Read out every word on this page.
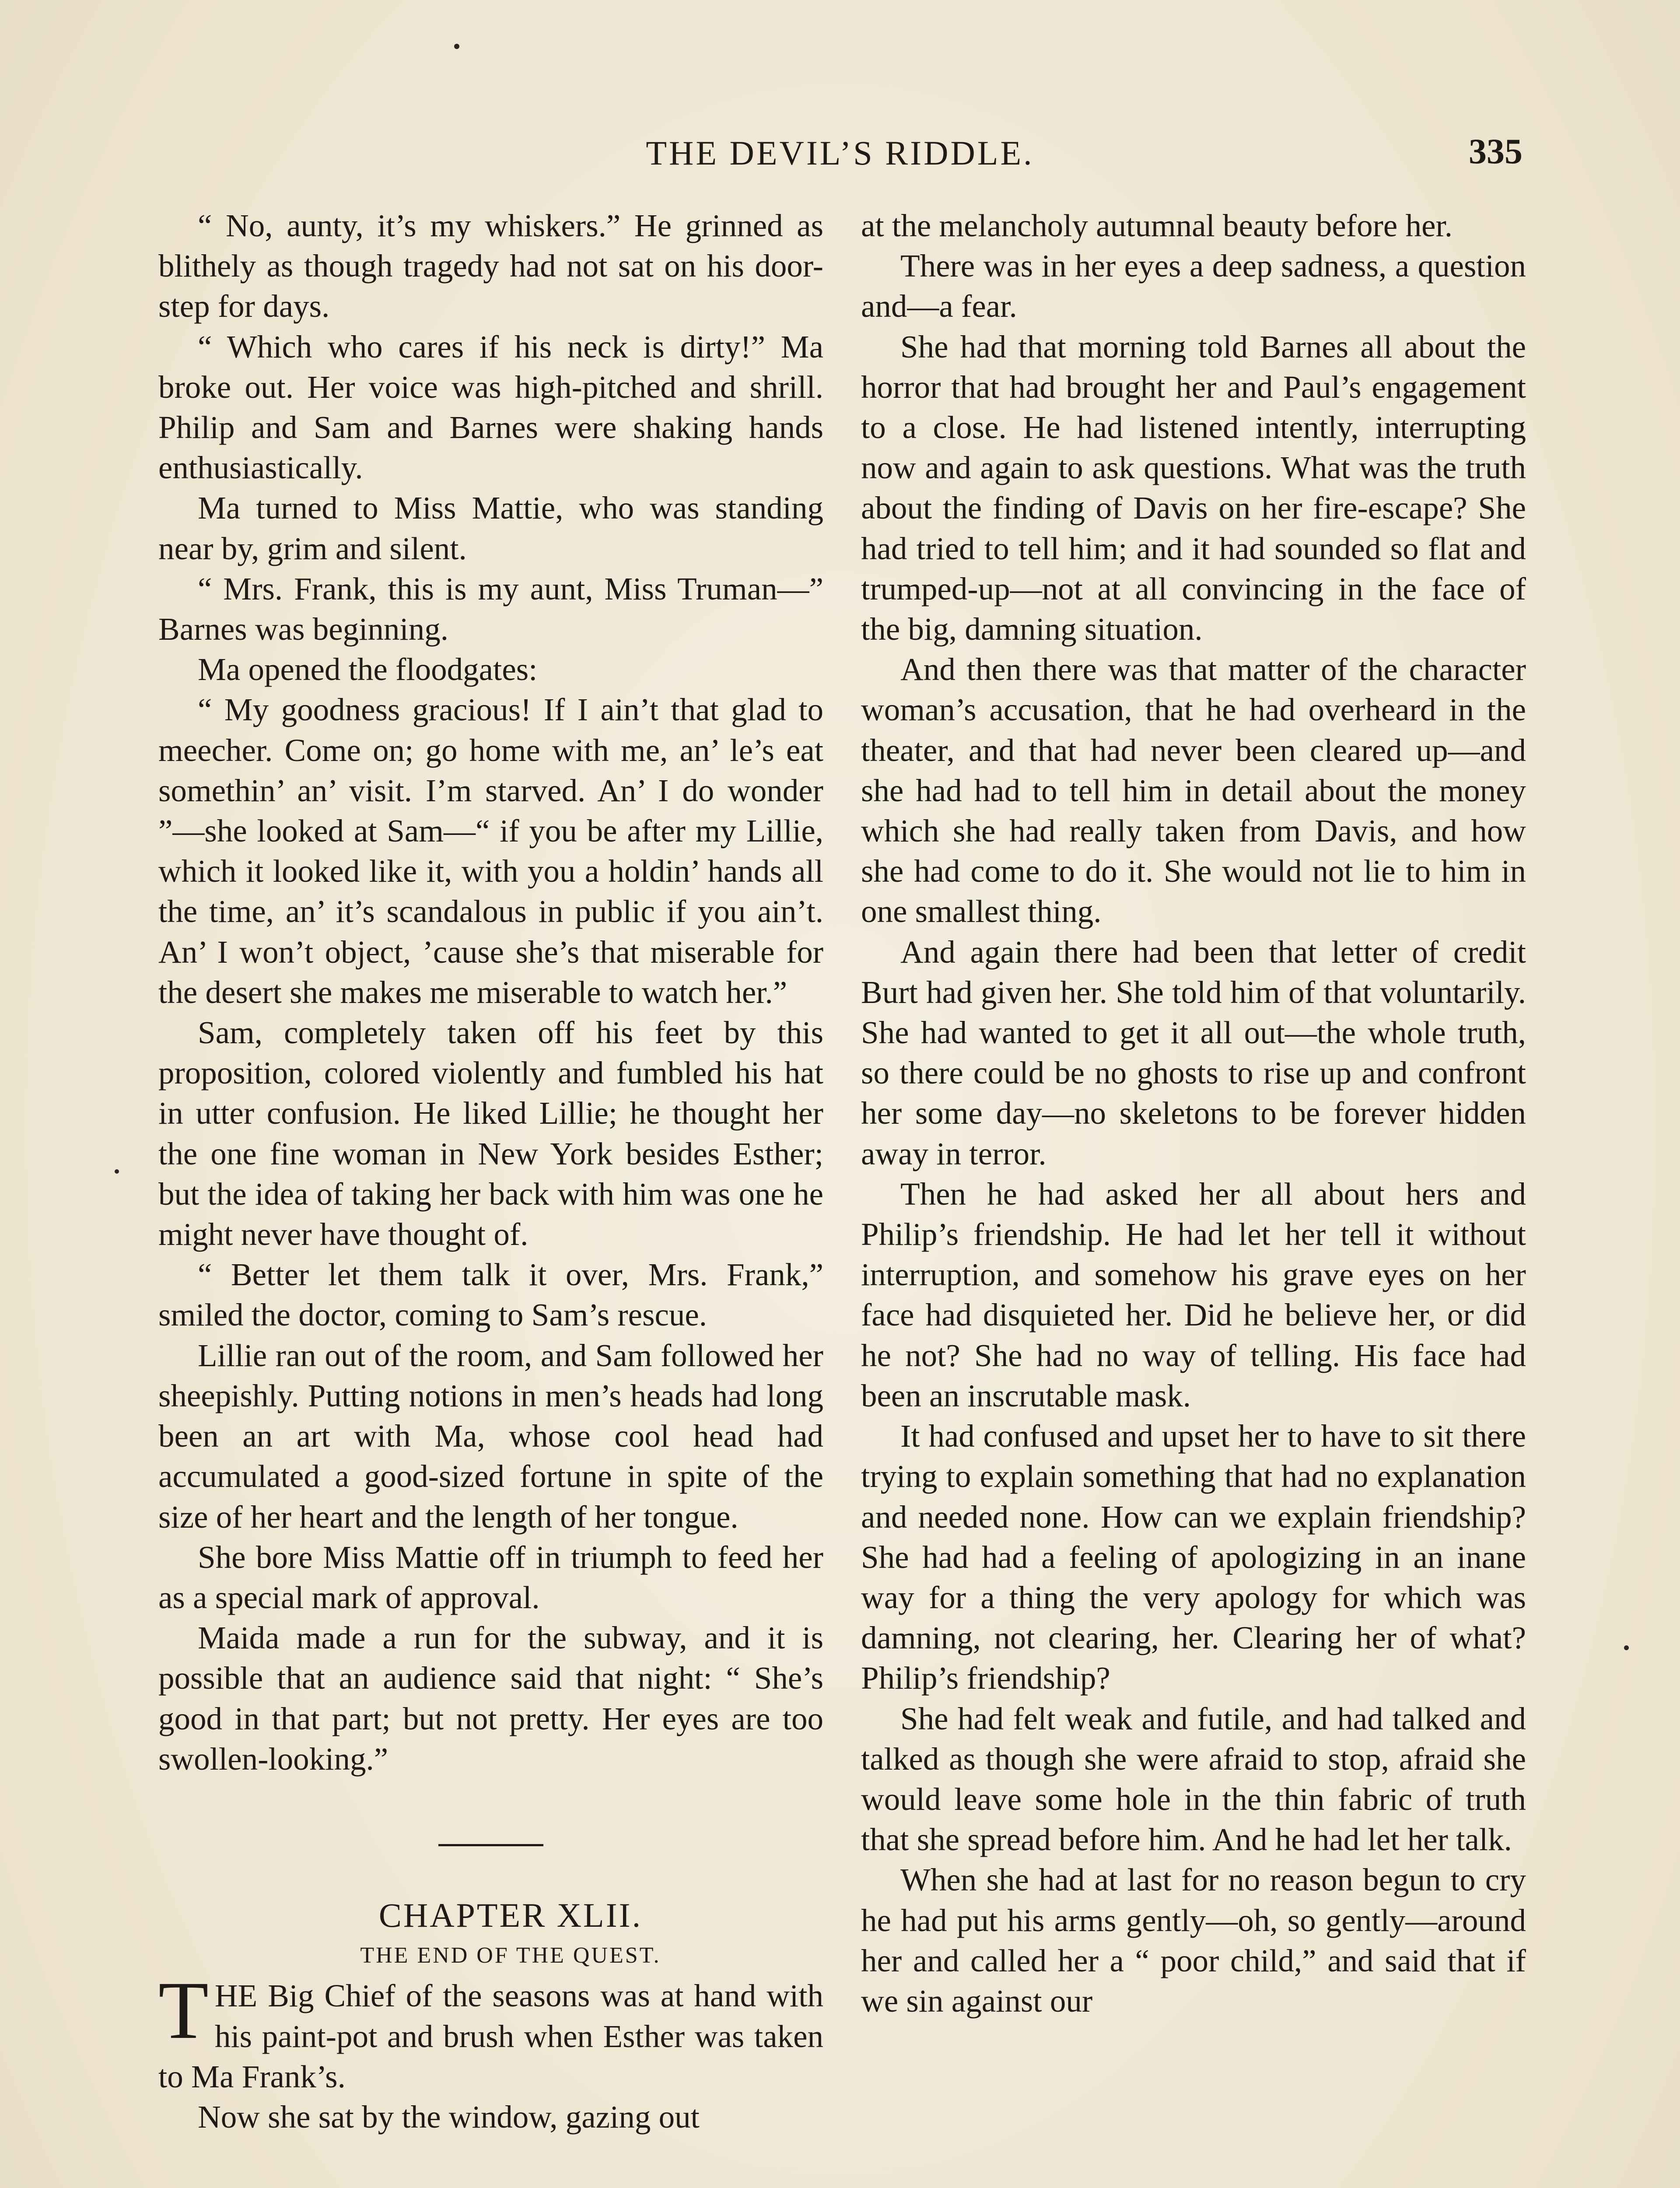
THE DEVIL’S RIDDLE.	335

“ No, aunty, it’s my whiskers.” He grinned as blithely as though tragedy had not sat on his door-step for days.

“ Which who cares if his neck is dirty!” Ma broke out. Her voice was high-pitched and shrill. Philip and Sam and Barnes were shaking hands enthusiastically.

Ma turned to Miss Mattie, who was standing near by, grim and silent.

“ Mrs. Frank, this is my aunt, Miss Truman—” Barnes was beginning.

Ma opened the floodgates:

“ My goodness gracious! If I ain’t that glad to meecher. Come on; go home with me, an’ le’s eat somethin’ an’ visit. I’m starved. An’ I do wonder ”—she looked at Sam—“ if you be after my Lillie, which it looked like it, with you a holdin’ hands all the time, an’ it’s scandalous in public if you ain’t. An’ I won’t object, ’cause she’s that miserable for the desert she makes me miserable to watch her.”

Sam, completely taken off his feet by this proposition, colored violently and fumbled his hat in utter confusion. He liked Lillie; he thought her the one fine woman in New York besides Esther; but the idea of taking her back with him was one he might never have thought of.

“ Better let them talk it over, Mrs. Frank,” smiled the doctor, coming to Sam’s rescue.

Lillie ran out of the room, and Sam followed her sheepishly. Putting notions in men’s heads had long been an art with Ma, whose cool head had accumulated a good-sized fortune in spite of the size of her heart and the length of her tongue.

She bore Miss Mattie off in triumph to feed her as a special mark of approval.

Maida made a run for the subway, and it is possible that an audience said that night: “ She’s good in that part; but not pretty. Her eyes are too swollen-looking.”

CHAPTER XLII.

THE END OF THE QUEST.

THE Big Chief of the seasons was at hand with his paint-pot and brush when Esther was taken to Ma Frank’s.

Now she sat by the window, gazing out

at the melancholy autumnal beauty before her.

There was in her eyes a deep sadness, a question and—a fear.

She had that morning told Barnes all about the horror that had brought her and Paul’s engagement to a close. He had listened intently, interrupting now and again to ask questions. What was the truth about the finding of Davis on her fire-escape? She had tried to tell him; and it had sounded so flat and trumped-up—not at all convincing in the face of the big, damning situation.

And then there was that matter of the character woman’s accusation, that he had overheard in the theater, and that had never been cleared up—and she had had to tell him in detail about the money which she had really taken from Davis, and how she had come to do it. She would not lie to him in one smallest thing.

And again there had been that letter of credit Burt had given her. She told him of that voluntarily. She had wanted to get it all out—the whole truth, so there could be no ghosts to rise up and confront her some day—no skeletons to be forever hidden away in terror.

Then he had asked her all about hers and Philip’s friendship. He had let her tell it without interruption, and somehow his grave eyes on her face had disquieted her. Did he believe her, or did he not? She had no way of telling. His face had been an inscrutable mask.

It had confused and upset her to have to sit there trying to explain something that had no explanation and needed none. How can we explain friendship? She had had a feeling of apologizing in an inane way for a thing the very apology for which was damning, not clearing, her. Clearing her of what? Philip’s friendship?

She had felt weak and futile, and had talked and talked as though she were afraid to stop, afraid she would leave some hole in the thin fabric of truth that she spread before him. And he had let her talk.

When she had at last for no reason begun to cry he had put his arms gently—oh, so gently—around her and called her a “ poor child,” and said that if we sin against our
